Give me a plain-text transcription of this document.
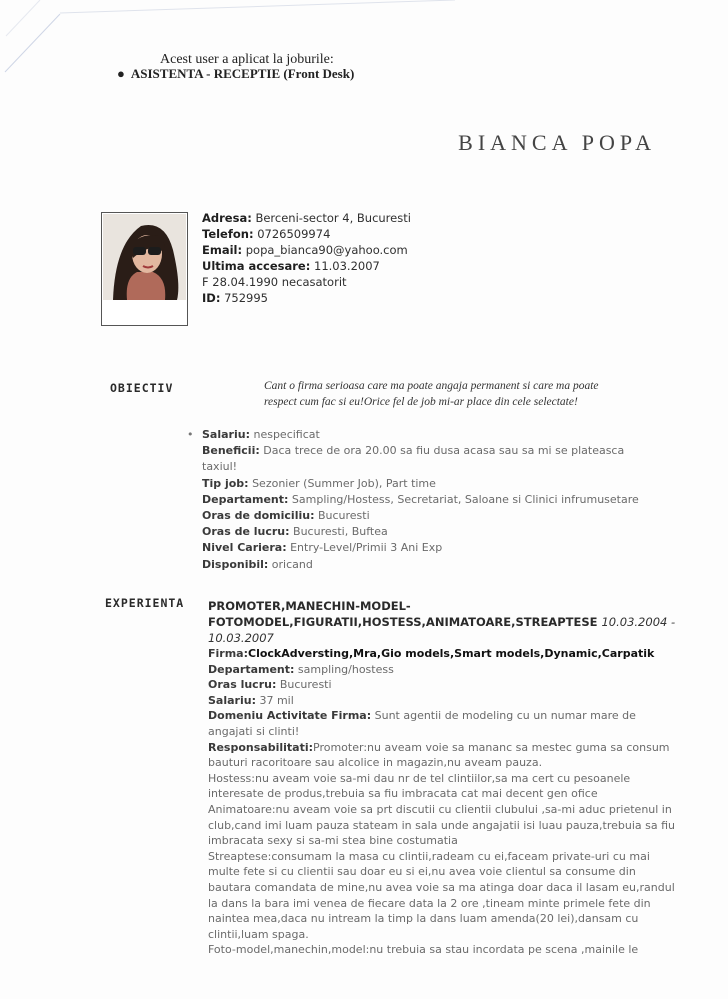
Acest user a aplicat la joburile:
● ASISTENTA - RECEPTIE (Front Desk)
BIANCA POPA
Adresa: Berceni-sector 4, Bucuresti
Telefon: 0726509974
Email: popa_bianca90@yahoo.com
Ultima accesare: 11.03.2007
F 28.04.1990 necasatorit
ID: 752995
OBIECTIV	Cant o firma serioasa care ma poate angaja permanent si care ma poate respect cum fac si eu!Orice fel de job mi-ar place din cele selectate!
• Salariu: nespecificat
Beneficii: Daca trece de ora 20.00 sa fiu dusa acasa sau sa mi se plateasca taxiul!
Tip job: Sezonier (Summer Job), Part time
Departament: Sampling/Hostess, Secretariat, Saloane si Clinici infrumusetare
Oras de domiciliu: Bucuresti
Oras de lucru: Bucuresti, Buftea
Nivel Cariera: Entry-Level/Primii 3 Ani Exp
Disponibil: oricand
EXPERIENTA PROMOTER,MANECHIN-MODEL-FOTOMODEL,FIGURATII,HOSTESS,ANIMATOARE,STREAPTESE 10.03.2004 - 10.03.2007
Firma:ClockAdversting,Mra,Gio models,Smart models,Dynamic,Carpatik
Departament: sampling/hostess
Oras lucru: Bucuresti
Salariu: 37 mil
Domeniu Activitate Firma: Sunt agentii de modeling cu un numar mare de angajati si clinti!
Responsabilitati:Promoter:nu aveam voie sa mananc sa mestec guma sa consum bauturi racoritoare sau alcolice in magazin,nu aveam pauza.
Hostess:nu aveam voie sa-mi dau nr de tel clintiilor,sa ma cert cu pesoanele interesate de produs,trebuia sa fiu imbracata cat mai decent gen ofice
Animatoare:nu aveam voie sa prt discutii cu clientii clubului ,sa-mi aduc prietenul in club,cand imi luam pauza stateam in sala unde angajatii isi luau pauza,trebuia sa fiu imbracata sexy si sa-mi stea bine costumatia
Streaptese:consumam la masa cu clintii,radeam cu ei,faceam private-uri cu mai multe fete si cu clientii sau doar eu si ei,nu avea voie clientul sa consume din bautara comandata de mine,nu avea voie sa ma atinga doar daca il lasam eu,randul la dans la bara imi venea de fiecare data la 2 ore ,tineam minte primele fete din naintea mea,daca nu intream la timp la dans luam amenda(20 lei),dansam cu clintii,luam spaga.
Foto-model,manechin,model:nu trebuia sa stau incordata pe scena ,mainile le
